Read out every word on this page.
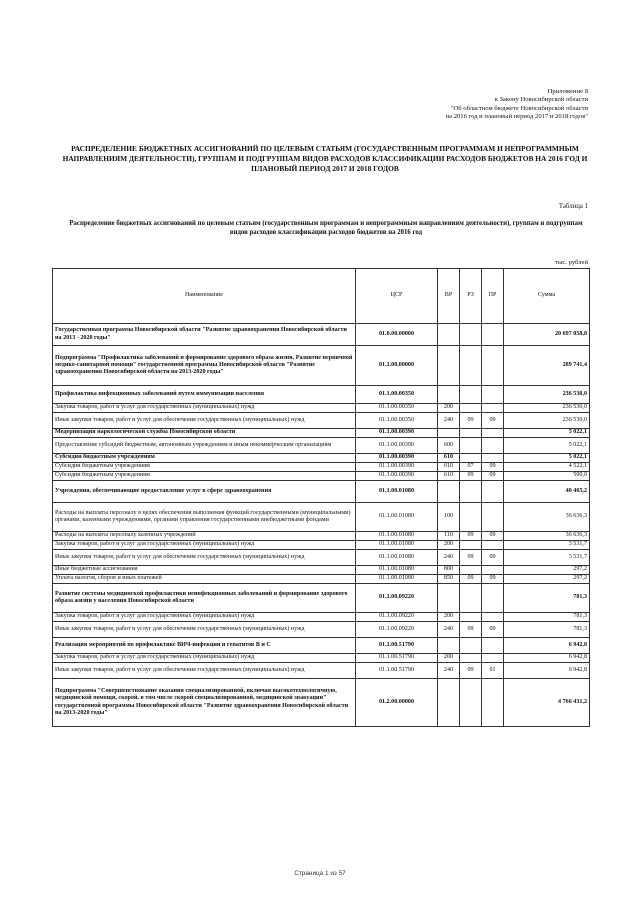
Приложение 8
к Закону Новосибирской области
"Об областном бюджете Новосибирской области
на 2016 год и плановый период 2017 и 2018 годов"
РАСПРЕДЕЛЕНИЕ БЮДЖЕТНЫХ АССИГНОВАНИЙ ПО ЦЕЛЕВЫМ СТАТЬЯМ (ГОСУДАРСТВЕННЫМ ПРОГРАММАМ И НЕПРОГРАММНЫМ НАПРАВЛЕНИЯМ ДЕЯТЕЛЬНОСТИ), ГРУППАМ И ПОДГРУППАМ ВИДОВ РАСХОДОВ КЛАССИФИКАЦИИ РАСХОДОВ БЮДЖЕТОВ НА 2016 ГОД И ПЛАНОВЫЙ ПЕРИОД 2017 И 2018 ГОДОВ
Таблица 1
Распределение бюджетных ассигнований по целевым статьям (государственным программам и непрограммным направлениям деятельности), группам и подгруппам видов расходов классификации расходов бюджетов на 2016 год
тыс. рублей
Наименование	ЦСР	ВР	РЗ	ПР	Сумма
Государственная программа Новосибирской области "Развитие здравоохранения Новосибирской области на 2013 - 2020 годы"	01.0.00.00000				20 697 058,8
Подпрограмма "Профилактика заболеваний и формирование здорового образа жизни. Развитие первичной медико-санитарной помощи" государственной программы Новосибирской области "Развитие здравоохранения Новосибирской области на 2013-2020 годы"	01.1.00.00000				289 741,4
Профилактика инфекционных заболеваний путем иммунизации населения	01.1.00.00350				236 530,0
Закупка товаров, работ и услуг для государственных (муниципальных) нужд	01.1.00.00350	200			236 530,0
Иные закупки товаров, работ и услуг для обеспечения государственных (муниципальных) нужд	01.1.00.00350	240	09	09	236 530,0
Модернизация наркологической службы Новосибирской области	01.1.00.00390				5 022,1
Предоставление субсидий бюджетным, автономным учреждениям и иным некоммерческим организациям	01.1.00.00390	600			5 022,1
Субсидии бюджетным учреждениям	01.1.00.00390	610			5 022,1
Субсидии бюджетным учреждениям	01.1.00.00390	610	07	09	4 522,1
Субсидии бюджетным учреждениям	01.1.00.00390	610	09	09	500,0
Учреждения, обеспечивающие предоставление услуг в сфере здравоохранения	01.1.00.01080				40 465,2
Расходы на выплаты персоналу в целях обеспечения выполнения функций государственными (муниципальными) органами, казенными учреждениями, органами управления государственными внебюджетными фондами	01.1.00.01080	100			36 636,3
Расходы на выплаты персоналу казенных учреждений	01.1.00.01080	110	09	09	36 636,3
Закупка товаров, работ и услуг для государственных (муниципальных) нужд	01.1.00.01080	200			3 531,7
Иные закупки товаров, работ и услуг для обеспечения государственных (муниципальных) нужд	01.1.00.01080	240	09	09	3 531,7
Иные бюджетные ассигнования	01.1.00.01080	800			297,2
Уплата налогов, сборов и иных платежей	01.1.00.01080	850	09	09	297,2
Развитие системы медицинской профилактики неинфекционных заболеваний и формирование здорового образа жизни у населения Новосибирской области	01.1.00.09220				781,3
Закупка товаров, работ и услуг для государственных (муниципальных) нужд	01.1.00.09220	200			781,3
Иные закупки товаров, работ и услуг для обеспечения государственных (муниципальных) нужд	01.1.00.09220	240	09	09	781,3
Реализация мероприятий по профилактике ВИЧ-инфекции и гепатитов В и С	01.1.00.51790				6 942,8
Закупка товаров, работ и услуг для государственных (муниципальных) нужд	01.1.00.51790	200			6 942,8
Иные закупки товаров, работ и услуг для обеспечения государственных (муниципальных) нужд	01.1.00.51790	240	09	01	6 942,8
Подпрограмма "Совершенствование оказания специализированной, включая высокотехнологичную, медицинской помощи, скорой, в том числе скорой специализированной, медицинской эвакуации" государственной программы Новосибирской области "Развитие здравоохранения Новосибирской области на 2013-2020 годы"	01.2.00.00000				4 766 431,2
Страница 1 из 57
